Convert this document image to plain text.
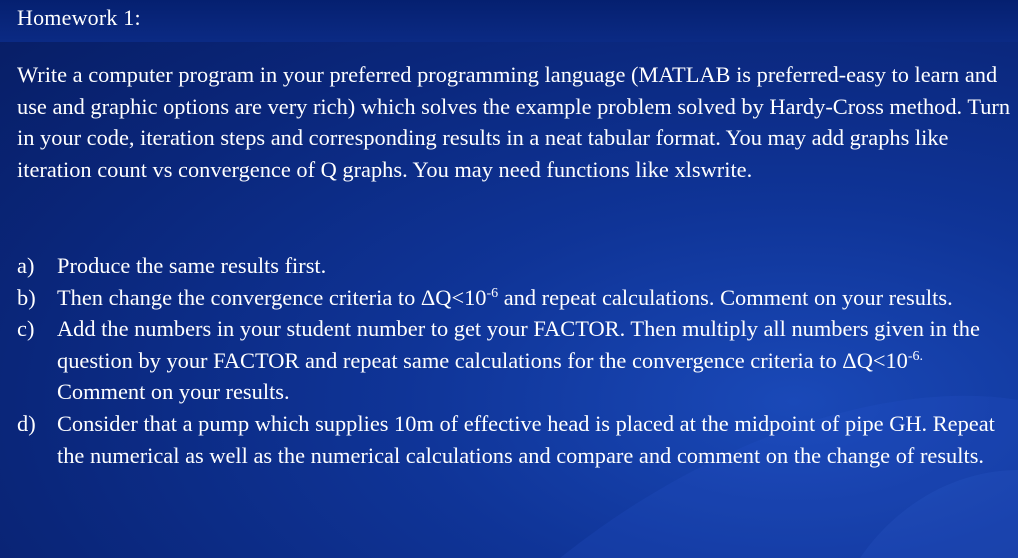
Homework 1:

Write a computer program in your preferred programming language (MATLAB is preferred-easy to learn and use and graphic options are very rich) which solves the example problem solved by Hardy-Cross method. Turn in your code, iteration steps and corresponding results in a neat tabular format. You may add graphs like iteration count vs convergence of Q graphs. You may need functions like xlswrite.

a) Produce the same results first.
b) Then change the convergence criteria to $\Delta Q<10^{-6}$ and repeat calculations. Comment on your results.
c) Add the numbers in your student number to get your FACTOR. Then multiply all numbers given in the question by your FACTOR and repeat same calculations for the convergence criteria to $\Delta Q<10^{-6.}$ Comment on your results.
d) Consider that a pump which supplies 10m of effective head is placed at the midpoint of pipe GH. Repeat the numerical as well as the numerical calculations and compare and comment on the change of results.
